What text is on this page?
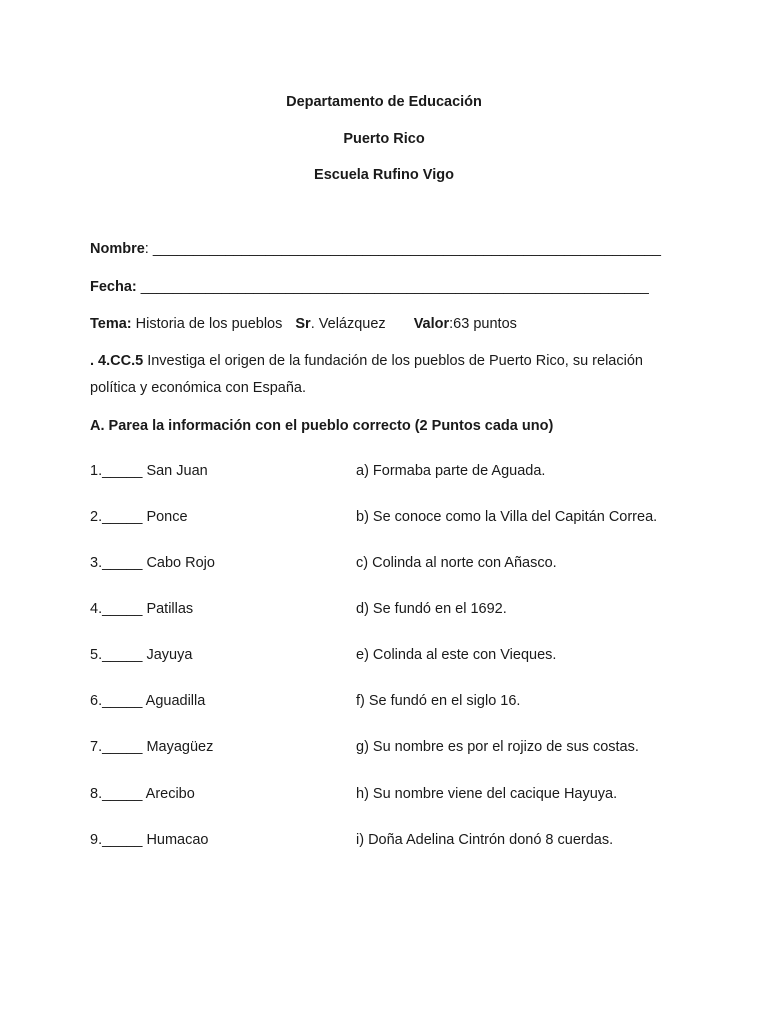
Departamento de Educación
Puerto Rico
Escuela Rufino Vigo
Nombre: _______________________________________________________________
Fecha: _______________________________________________________________
Tema: Historia de los pueblos Sr. Velázquez Valor:63 puntos
. 4.CC.5 Investiga el origen de la fundación de los pueblos de Puerto Rico, su relación
política y económica con España.
A. Parea la información con el pueblo correcto (2 Puntos cada uno)
1._____ San Juan	a) Formaba parte de Aguada.
2._____ Ponce	b) Se conoce como la Villa del Capitán Correa.
3._____ Cabo Rojo	c) Colinda al norte con Añasco.
4._____ Patillas	d) Se fundó en el 1692.
5._____ Jayuya	e) Colinda al este con Vieques.
6._____ Aguadilla	f) Se fundó en el siglo 16.
7._____ Mayagüez	g) Su nombre es por el rojizo de sus costas.
8._____ Arecibo	h) Su nombre viene del cacique Hayuya.
9._____ Humacao	i) Doña Adelina Cintrón donó 8 cuerdas.
